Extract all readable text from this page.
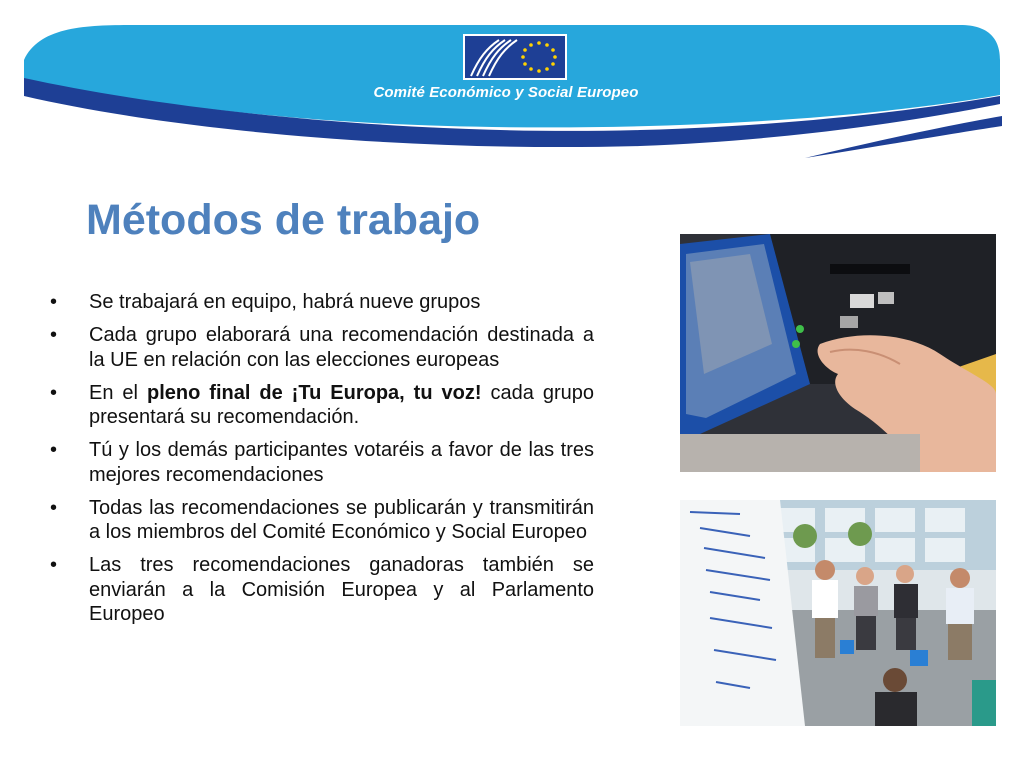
Comité Económico y Social Europeo
Métodos de trabajo
•	Se trabajará en equipo, habrá nueve grupos
•	Cada grupo elaborará una recomendación destinada a la UE en relación con las elecciones europeas
•	En el pleno final de ¡Tu Europa, tu voz! cada grupo presentará su recomendación.
•	Tú y los demás participantes votaréis a favor de las tres mejores recomendaciones
•	Todas las recomendaciones se publicarán y transmitirán a los miembros del Comité Económico y Social Europeo
•	Las tres recomendaciones ganadoras también se enviarán a la Comisión Europea y al Parlamento Europeo
